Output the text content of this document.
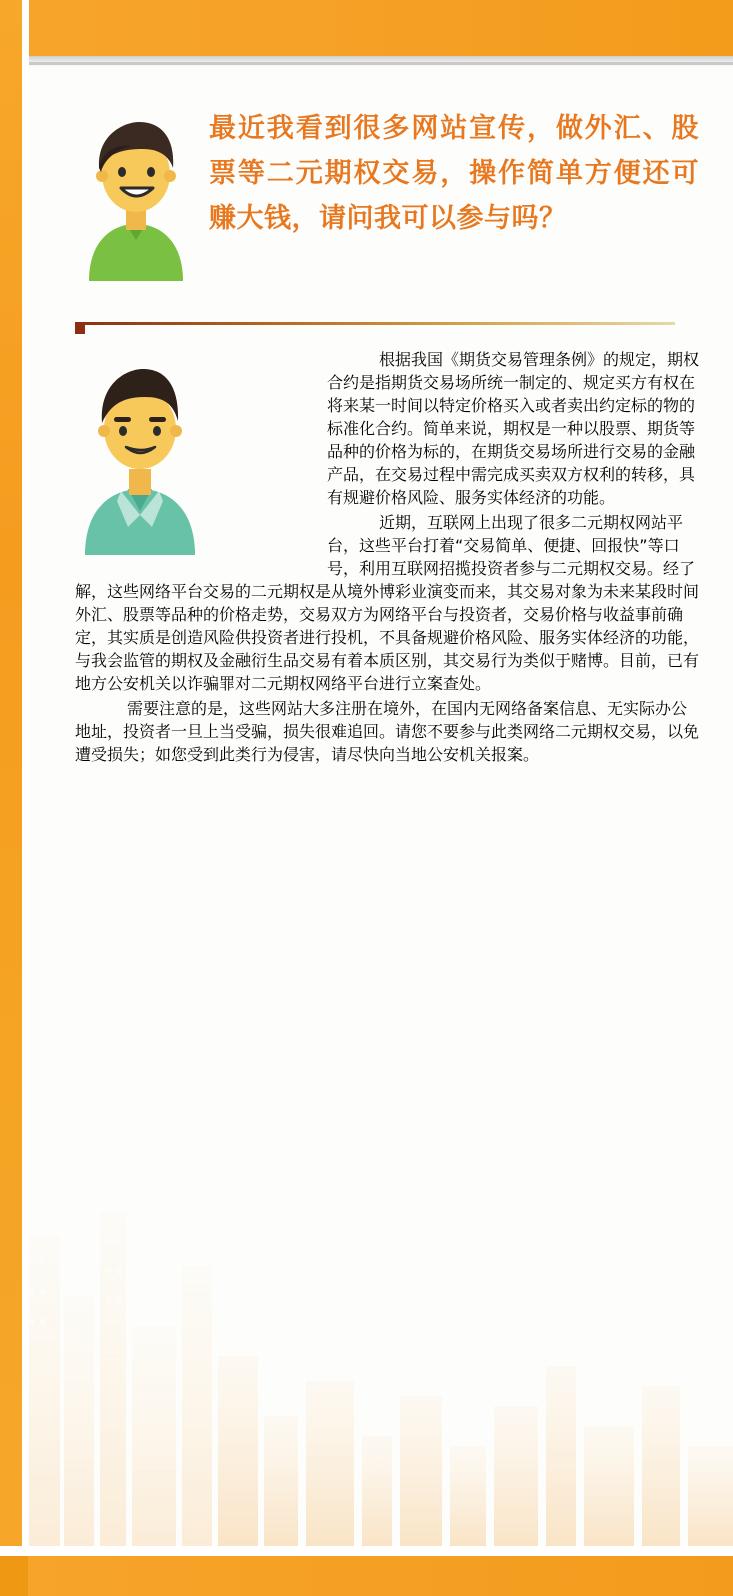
最近我看到很多网站宣传，做外汇、股票等二元期权交易，操作简单方便还可赚大钱，请问我可以参与吗？

根据我国《期货交易管理条例》的规定，期权合约是指期货交易场所统一制定的、规定买方有权在将来某一时间以特定价格买入或者卖出约定标的物的标准化合约。简单来说，期权是一种以股票、期货等品种的价格为标的，在期货交易场所进行交易的金融产品，在交易过程中需完成买卖双方权利的转移，具有规避价格风险、服务实体经济的功能。

近期，互联网上出现了很多二元期权网站平台，这些平台打着“交易简单、便捷、回报快”等口号，利用互联网招揽投资者参与二元期权交易。经了解，这些网络平台交易的二元期权是从境外博彩业演变而来，其交易对象为未来某段时间外汇、股票等品种的价格走势，交易双方为网络平台与投资者，交易价格与收益事前确定，其实质是创造风险供投资者进行投机，不具备规避价格风险、服务实体经济的功能，与我会监管的期权及金融衍生品交易有着本质区别，其交易行为类似于赌博。目前，已有地方公安机关以诈骗罪对二元期权网络平台进行立案查处。

需要注意的是，这些网站大多注册在境外，在国内无网络备案信息、无实际办公地址，投资者一旦上当受骗，损失很难追回。请您不要参与此类网络二元期权交易，以免遭受损失；如您受到此类行为侵害，请尽快向当地公安机关报案。
